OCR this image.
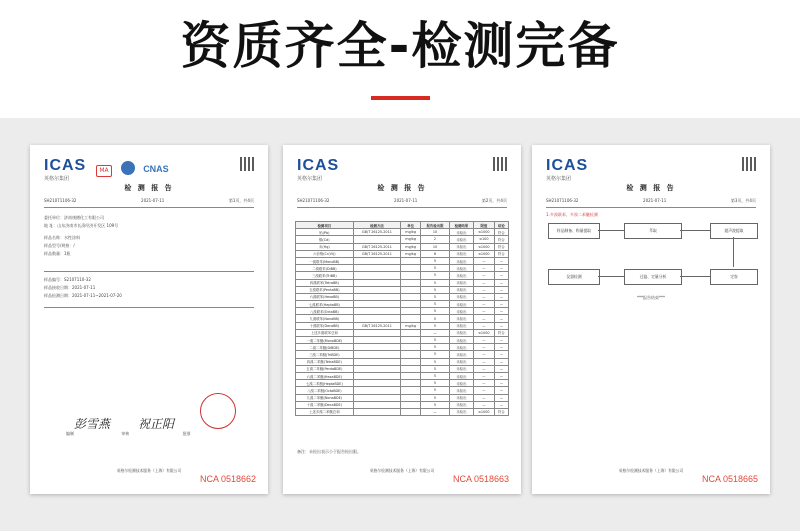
资质齐全-检测完备
ICAS
英格尔集团
MA	CNAS
检 测 报 告
SH21071106-32	2021-07-11	第1页，共4页
委托单位：济南康德化工有限公司
地 址：山东济南市长清经济开发区 109号
样品名称：水性涂料
样品型号/规格：/
样品数量：1瓶
样品编号：S2107110-32
样品接收日期：2021-07-11
样品检测日期：2021-07-11~2021-07-20
彭雪燕 祝正阳
编制	审核	批准
英格尔检测技术服务（上海）有限公司
NCA 0518662
ICAS
英格尔集团
检 测 报 告
SH21071106-32	2021-07-11	第2页，共4页
检测项目	检测方法	单位	报告检出限	检测结果	限值	结论
铅(Pb)	GB/T 26125-2011	mg/kg	10	未检出	≤1000	符合
镉(Cd)		mg/kg	2	未检出	≤100	符合
汞(Hg)	GB/T 26125-2011	mg/kg	10	未检出	≤1000	符合
六价铬(Cr(VI))	GB/T 26125-2011	mg/kg	8	未检出	≤1000	符合
一溴联苯(MonoBB)			5	未检出	—	—
二溴联苯(DiBB)			5	未检出	—	—
三溴联苯(TriBB)			5	未检出	—	—
四溴联苯(TetraBB)			5	未检出	—	—
五溴联苯(PentaBB)			5	未检出	—	—
六溴联苯(HexaBB)			5	未检出	—	—
七溴联苯(HeptaBB)			5	未检出	—	—
八溴联苯(OctaBB)			5	未检出	—	—
九溴联苯(NonaBB)			5	未检出	—	—
十溴联苯(DecaBB)	GB/T 26125-2011	mg/kg	5	未检出	—	—
上述多溴联苯总和			—	未检出	≤1000	符合
一溴二苯醚(MonoBDE)			5	未检出	—	—
二溴二苯醚(DiBDE)			5	未检出	—	—
三溴二苯醚(TriBDE)			5	未检出	—	—
四溴二苯醚(TetraBDE)			5	未检出	—	—
五溴二苯醚(PentaBDE)			5	未检出	—	—
六溴二苯醚(HexaBDE)			5	未检出	—	—
七溴二苯醚(HeptaBDE)			5	未检出	—	—
八溴二苯醚(OctaBDE)			5	未检出	—	—
九溴二苯醚(NonaBDE)			5	未检出	—	—
十溴二苯醚(DecaBDE)			5	未检出	—	—
上述多溴二苯醚总和			—	未检出	≤1000	符合
备注：未检出表示小于报告检出限。
英格尔检测技术服务（上海）有限公司
NCA 0518663
ICAS
英格尔集团
检 测 报 告
SH21071106-32	2021-07-11	第3页，共4页
1.多溴联苯、多溴二苯醚检测
样品制备、称量提取	萃取	超声波提取
仪器检测	过滤、定量分析	定容
***报告结束***
英格尔检测技术服务（上海）有限公司
NCA 0518665
